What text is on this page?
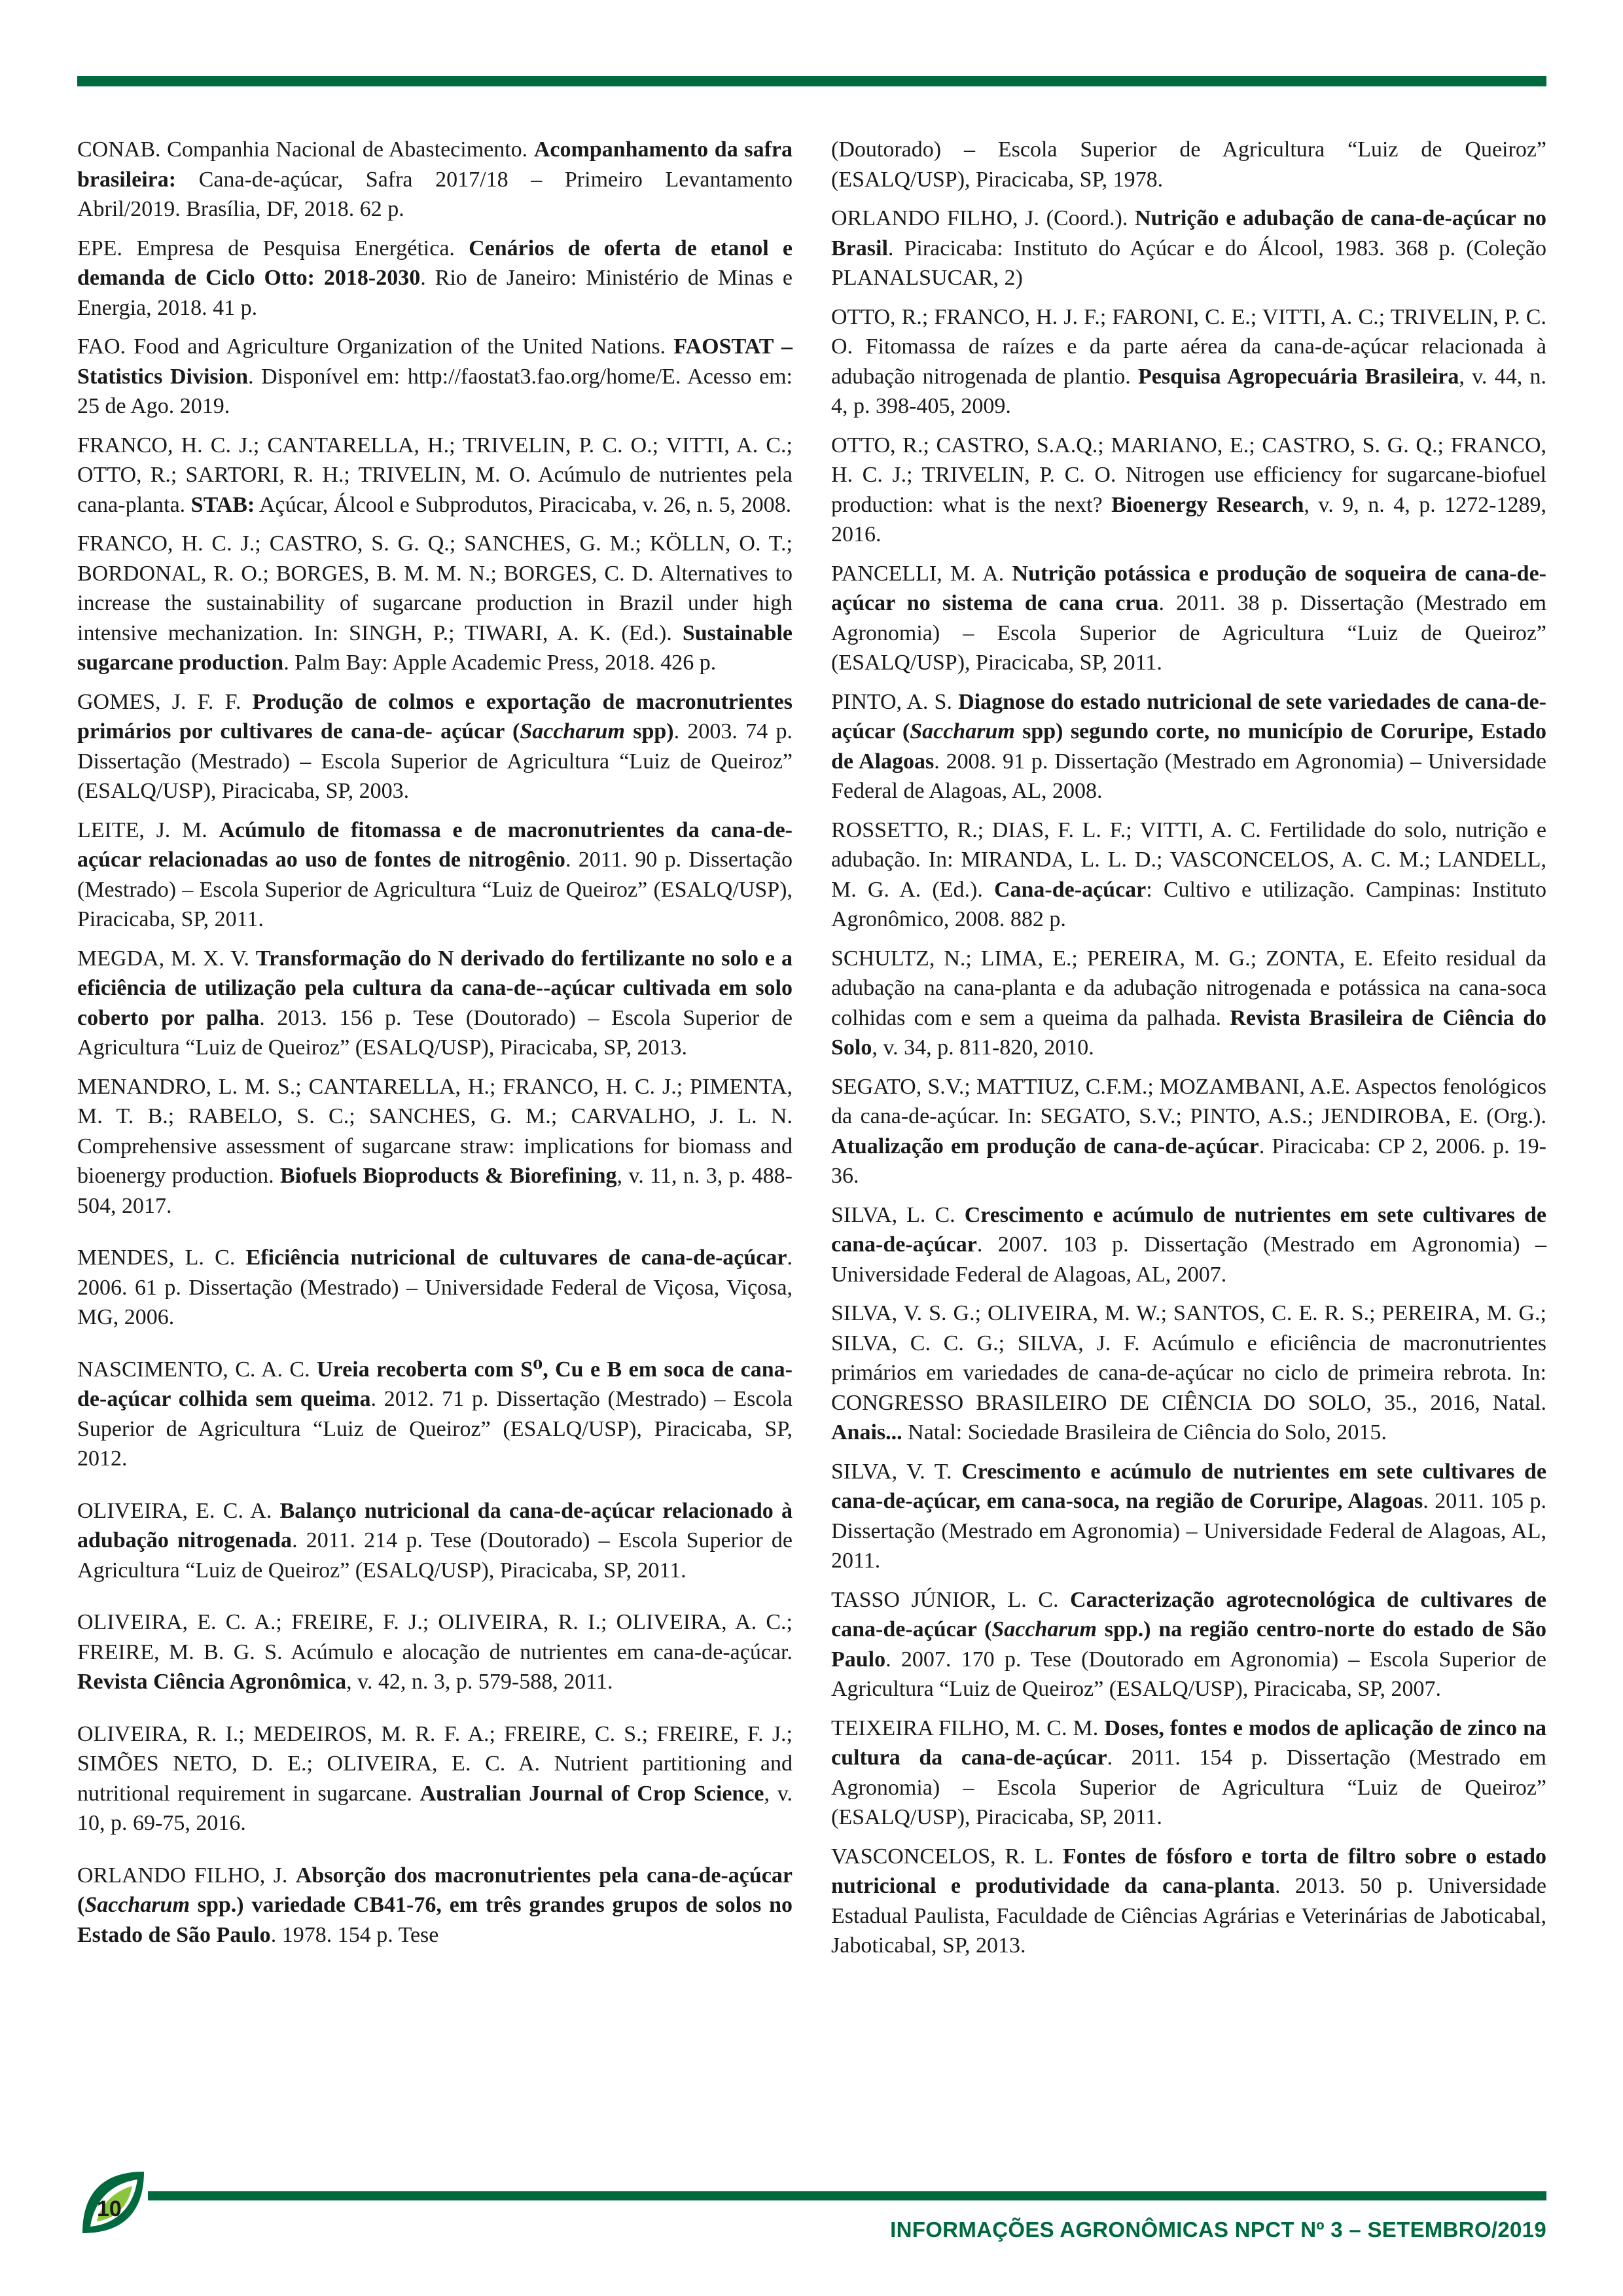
CONAB. Companhia Nacional de Abastecimento. Acompanhamento da safra brasileira: Cana-de-açúcar, Safra 2017/18 – Primeiro Levantamento Abril/2019. Brasília, DF, 2018. 62 p.

EPE. Empresa de Pesquisa Energética. Cenários de oferta de etanol e demanda de Ciclo Otto: 2018-2030. Rio de Janeiro: Ministério de Minas e Energia, 2018. 41 p.

FAO. Food and Agriculture Organization of the United Nations. FAOSTAT – Statistics Division. Disponível em: http://faostat3.fao.org/home/E. Acesso em: 25 de Ago. 2019.

FRANCO, H. C. J.; CANTARELLA, H.; TRIVELIN, P. C. O.; VITTI, A. C.; OTTO, R.; SARTORI, R. H.; TRIVELIN, M. O. Acúmulo de nutrientes pela cana-planta. STAB: Açúcar, Álcool e Subprodutos, Piracicaba, v. 26, n. 5, 2008.

FRANCO, H. C. J.; CASTRO, S. G. Q.; SANCHES, G. M.; KÖLLN, O. T.; BORDONAL, R. O.; BORGES, B. M. M. N.; BORGES, C. D. Alternatives to increase the sustainability of sugarcane production in Brazil under high intensive mechanization. In: SINGH, P.; TIWARI, A. K. (Ed.). Sustainable sugarcane production. Palm Bay: Apple Academic Press, 2018. 426 p.

GOMES, J. F. F. Produção de colmos e exportação de macronutrientes primários por cultivares de cana-de- açúcar (Saccharum spp). 2003. 74 p. Dissertação (Mestrado) – Escola Superior de Agricultura “Luiz de Queiroz” (ESALQ/USP), Piracicaba, SP, 2003.

LEITE, J. M. Acúmulo de fitomassa e de macronutrientes da cana-de-açúcar relacionadas ao uso de fontes de nitrogênio. 2011. 90 p. Dissertação (Mestrado) – Escola Superior de Agricultura “Luiz de Queiroz” (ESALQ/USP), Piracicaba, SP, 2011.

MEGDA, M. X. V. Transformação do N derivado do fertilizante no solo e a eficiência de utilização pela cultura da cana-de--açúcar cultivada em solo coberto por palha. 2013. 156 p. Tese (Doutorado) – Escola Superior de Agricultura “Luiz de Queiroz” (ESALQ/USP), Piracicaba, SP, 2013.

MENANDRO, L. M. S.; CANTARELLA, H.; FRANCO, H. C. J.; PIMENTA, M. T. B.; RABELO, S. C.; SANCHES, G. M.; CARVALHO, J. L. N. Comprehensive assessment of sugarcane straw: implications for biomass and bioenergy production. Biofuels Bioproducts & Biorefining, v. 11, n. 3, p. 488-504, 2017.

MENDES, L. C. Eficiência nutricional de cultuvares de cana-de-açúcar. 2006. 61 p. Dissertação (Mestrado) – Universidade Federal de Viçosa, Viçosa, MG, 2006.

NASCIMENTO, C. A. C. Ureia recoberta com S⁰, Cu e B em soca de cana-de-açúcar colhida sem queima. 2012. 71 p. Dissertação (Mestrado) – Escola Superior de Agricultura “Luiz de Queiroz” (ESALQ/USP), Piracicaba, SP, 2012.

OLIVEIRA, E. C. A. Balanço nutricional da cana-de-açúcar relacionado à adubação nitrogenada. 2011. 214 p. Tese (Doutorado) – Escola Superior de Agricultura “Luiz de Queiroz” (ESALQ/USP), Piracicaba, SP, 2011.

OLIVEIRA, E. C. A.; FREIRE, F. J.; OLIVEIRA, R. I.; OLIVEIRA, A. C.; FREIRE, M. B. G. S. Acúmulo e alocação de nutrientes em cana-de-açúcar. Revista Ciência Agronômica, v. 42, n. 3, p. 579-588, 2011.

OLIVEIRA, R. I.; MEDEIROS, M. R. F. A.; FREIRE, C. S.; FREIRE, F. J.; SIMÕES NETO, D. E.; OLIVEIRA, E. C. A. Nutrient partitioning and nutritional requirement in sugarcane. Australian Journal of Crop Science, v. 10, p. 69-75, 2016.

ORLANDO FILHO, J. Absorção dos macronutrientes pela cana-de-açúcar (Saccharum spp.) variedade CB41-76, em três grandes grupos de solos no Estado de São Paulo. 1978. 154 p. Tese

(Doutorado) – Escola Superior de Agricultura “Luiz de Queiroz” (ESALQ/USP), Piracicaba, SP, 1978.

ORLANDO FILHO, J. (Coord.). Nutrição e adubação de cana-de-açúcar no Brasil. Piracicaba: Instituto do Açúcar e do Álcool, 1983. 368 p. (Coleção PLANALSUCAR, 2)

OTTO, R.; FRANCO, H. J. F.; FARONI, C. E.; VITTI, A. C.; TRIVELIN, P. C. O. Fitomassa de raízes e da parte aérea da cana-de-açúcar relacionada à adubação nitrogenada de plantio. Pesquisa Agropecuária Brasileira, v. 44, n. 4, p. 398-405, 2009.

OTTO, R.; CASTRO, S.A.Q.; MARIANO, E.; CASTRO, S. G. Q.; FRANCO, H. C. J.; TRIVELIN, P. C. O. Nitrogen use efficiency for sugarcane-biofuel production: what is the next? Bioenergy Research, v. 9, n. 4, p. 1272-1289, 2016.

PANCELLI, M. A. Nutrição potássica e produção de soqueira de cana-de-açúcar no sistema de cana crua. 2011. 38 p. Dissertação (Mestrado em Agronomia) – Escola Superior de Agricultura “Luiz de Queiroz” (ESALQ/USP), Piracicaba, SP, 2011.

PINTO, A. S. Diagnose do estado nutricional de sete variedades de cana-de-açúcar (Saccharum spp) segundo corte, no município de Coruripe, Estado de Alagoas. 2008. 91 p. Dissertação (Mestrado em Agronomia) – Universidade Federal de Alagoas, AL, 2008.

ROSSETTO, R.; DIAS, F. L. F.; VITTI, A. C. Fertilidade do solo, nutrição e adubação. In: MIRANDA, L. L. D.; VASCONCELOS, A. C. M.; LANDELL, M. G. A. (Ed.). Cana-de-açúcar: Cultivo e utilização. Campinas: Instituto Agronômico, 2008. 882 p.

SCHULTZ, N.; LIMA, E.; PEREIRA, M. G.; ZONTA, E. Efeito residual da adubação na cana-planta e da adubação nitrogenada e potássica na cana-soca colhidas com e sem a queima da palhada. Revista Brasileira de Ciência do Solo, v. 34, p. 811-820, 2010.

SEGATO, S.V.; MATTIUZ, C.F.M.; MOZAMBANI, A.E. Aspectos fenológicos da cana-de-açúcar. In: SEGATO, S.V.; PINTO, A.S.; JENDIROBA, E. (Org.). Atualização em produção de cana-de-açúcar. Piracicaba: CP 2, 2006. p. 19-36.

SILVA, L. C. Crescimento e acúmulo de nutrientes em sete cultivares de cana-de-açúcar. 2007. 103 p. Dissertação (Mestrado em Agronomia) – Universidade Federal de Alagoas, AL, 2007.

SILVA, V. S. G.; OLIVEIRA, M. W.; SANTOS, C. E. R. S.; PEREIRA, M. G.; SILVA, C. C. G.; SILVA, J. F. Acúmulo e eficiência de macronutrientes primários em variedades de cana-de-açúcar no ciclo de primeira rebrota. In: CONGRESSO BRASILEIRO DE CIÊNCIA DO SOLO, 35., 2016, Natal. Anais... Natal: Sociedade Brasileira de Ciência do Solo, 2015.

SILVA, V. T. Crescimento e acúmulo de nutrientes em sete cultivares de cana-de-açúcar, em cana-soca, na região de Coruripe, Alagoas. 2011. 105 p. Dissertação (Mestrado em Agronomia) – Universidade Federal de Alagoas, AL, 2011.

TASSO JÚNIOR, L. C. Caracterização agrotecnológica de cultivares de cana-de-açúcar (Saccharum spp.) na região centro-norte do estado de São Paulo. 2007. 170 p. Tese (Doutorado em Agronomia) – Escola Superior de Agricultura “Luiz de Queiroz” (ESALQ/USP), Piracicaba, SP, 2007.

TEIXEIRA FILHO, M. C. M. Doses, fontes e modos de aplicação de zinco na cultura da cana-de-açúcar. 2011. 154 p. Dissertação (Mestrado em Agronomia) – Escola Superior de Agricultura “Luiz de Queiroz” (ESALQ/USP), Piracicaba, SP, 2011.

VASCONCELOS, R. L. Fontes de fósforo e torta de filtro sobre o estado nutricional e produtividade da cana-planta. 2013. 50 p. Universidade Estadual Paulista, Faculdade de Ciências Agrárias e Veterinárias de Jaboticabal, Jaboticabal, SP, 2013.

10
INFORMAÇÕES AGRONÔMICAS NPCT Nº 3 – SETEMBRO/2019
